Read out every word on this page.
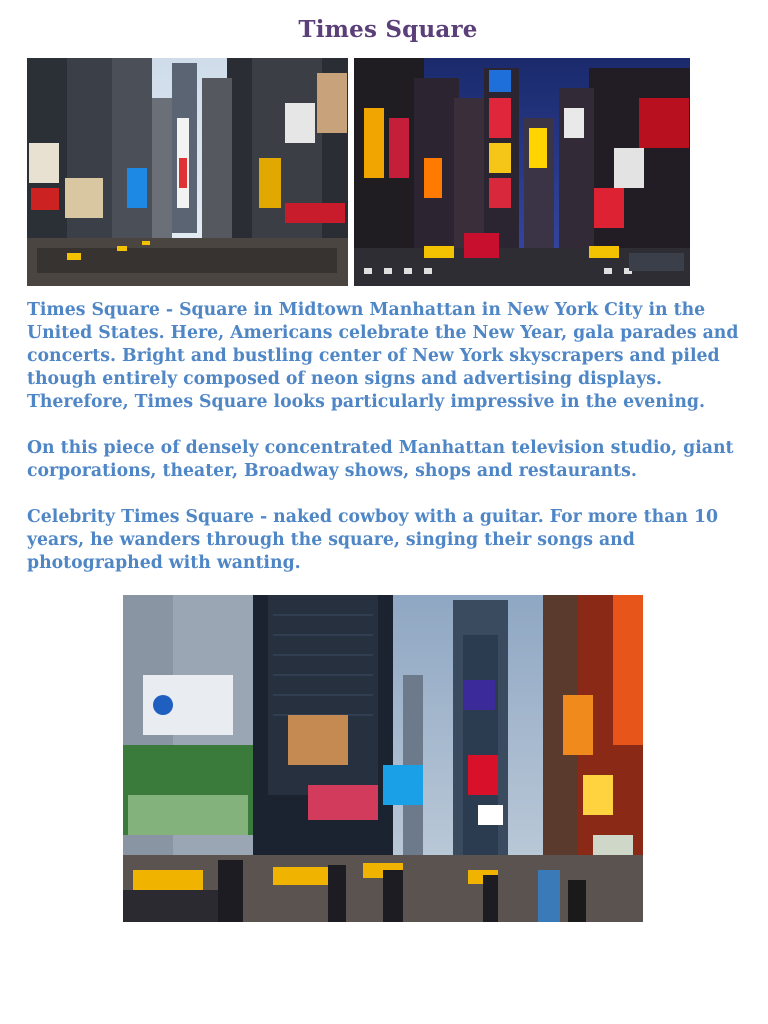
Times Square

Times Square - Square in Midtown Manhattan in New York City in the United States. Here, Americans celebrate the New Year, gala parades and concerts. Bright and bustling center of New York skyscrapers and piled though entirely composed of neon signs and advertising displays. Therefore, Times Square looks particularly impressive in the evening.

On this piece of densely concentrated Manhattan television studio, giant corporations, theater, Broadway shows, shops and restaurants.

Celebrity Times Square - naked cowboy with a guitar. For more than 10 years, he wanders through the square, singing their songs and photographed with wanting.
